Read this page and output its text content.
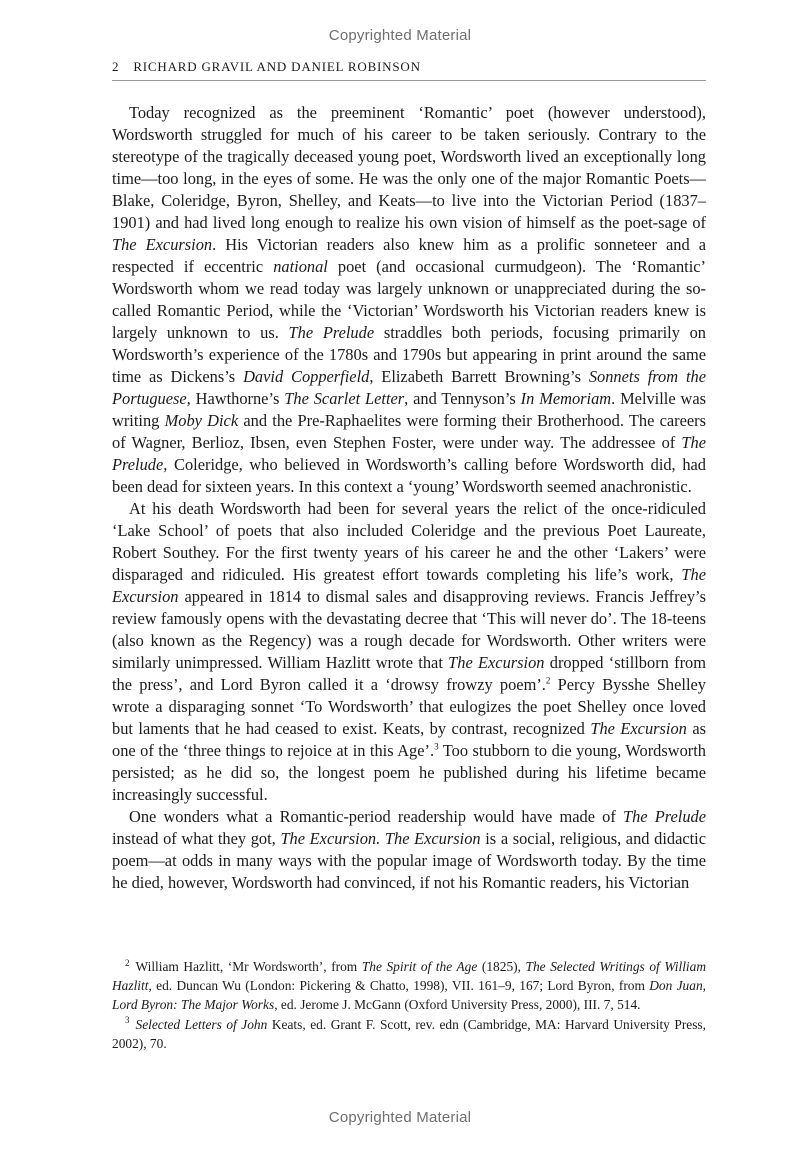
Copyrighted Material
2 RICHARD GRAVIL AND DANIEL ROBINSON

Today recognized as the preeminent ‘Romantic’ poet (however understood), Wordsworth struggled for much of his career to be taken seriously. Contrary to the stereotype of the tragically deceased young poet, Wordsworth lived an exceptionally long time—too long, in the eyes of some. He was the only one of the major Romantic Poets—Blake, Coleridge, Byron, Shelley, and Keats—to live into the Victorian Period (1837–1901) and had lived long enough to realize his own vision of himself as the poet-sage of The Excursion. His Victorian readers also knew him as a prolific sonneteer and a respected if eccentric national poet (and occasional curmudgeon). The ‘Romantic’ Wordsworth whom we read today was largely unknown or unappreciated during the so-called Romantic Period, while the ‘Victorian’ Wordsworth his Victorian readers knew is largely unknown to us. The Prelude straddles both periods, focusing primarily on Wordsworth’s experience of the 1780s and 1790s but appearing in print around the same time as Dickens’s David Copperfield, Elizabeth Barrett Browning’s Sonnets from the Portuguese, Hawthorne’s The Scarlet Letter, and Tennyson’s In Memoriam. Melville was writing Moby Dick and the Pre-Raphaelites were forming their Brotherhood. The careers of Wagner, Berlioz, Ibsen, even Stephen Foster, were under way. The addressee of The Prelude, Coleridge, who believed in Wordsworth’s calling before Wordsworth did, had been dead for sixteen years. In this context a ‘young’ Wordsworth seemed anachronistic.

At his death Wordsworth had been for several years the relict of the once-ridiculed ‘Lake School’ of poets that also included Coleridge and the previous Poet Laureate, Robert Southey. For the first twenty years of his career he and the other ‘Lakers’ were disparaged and ridiculed. His greatest effort towards completing his life’s work, The Excursion appeared in 1814 to dismal sales and disapproving reviews. Francis Jeffrey’s review famously opens with the devastating decree that ‘This will never do’. The 18-teens (also known as the Regency) was a rough decade for Wordsworth. Other writers were similarly unimpressed. William Hazlitt wrote that The Excursion dropped ‘stillborn from the press’, and Lord Byron called it a ‘drowsy frowzy poem’.$^2$ Percy Bysshe Shelley wrote a disparaging sonnet ‘To Wordsworth’ that eulogizes the poet Shelley once loved but laments that he had ceased to exist. Keats, by contrast, recognized The Excursion as one of the ‘three things to rejoice at in this Age’.$^3$ Too stubborn to die young, Wordsworth persisted; as he did so, the longest poem he published during his lifetime became increasingly successful.

One wonders what a Romantic-period readership would have made of The Prelude instead of what they got, The Excursion. The Excursion is a social, religious, and didactic poem—at odds in many ways with the popular image of Wordsworth today. By the time he died, however, Wordsworth had convinced, if not his Romantic readers, his Victorian

$^2$ William Hazlitt, ‘Mr Wordsworth’, from The Spirit of the Age (1825), The Selected Writings of William Hazlitt, ed. Duncan Wu (London: Pickering & Chatto, 1998), VII. 161–9, 167; Lord Byron, from Don Juan, Lord Byron: The Major Works, ed. Jerome J. McGann (Oxford University Press, 2000), III. 7, 514.

$^3$ Selected Letters of John Keats, ed. Grant F. Scott, rev. edn (Cambridge, MA: Harvard University Press, 2002), 70.

Copyrighted Material
